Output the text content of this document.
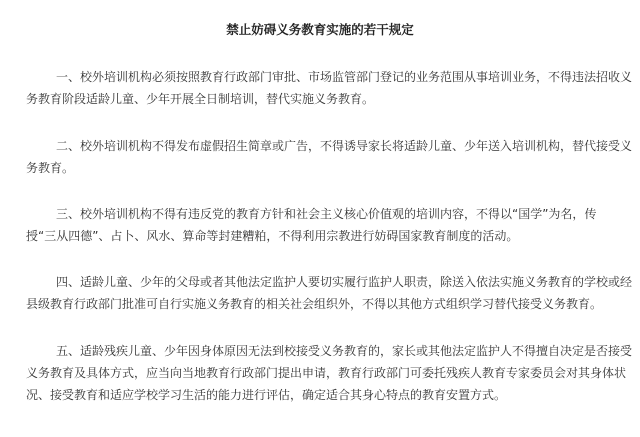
禁止妨碍义务教育实施的若干规定
一、校外培训机构必须按照教育行政部门审批、市场监管部门登记的业务范围从事培训业务，不得违法招收义
务教育阶段适龄儿童、少年开展全日制培训，替代实施义务教育。
二、校外培训机构不得发布虚假招生简章或广告，不得诱导家长将适龄儿童、少年送入培训机构，替代接受义
务教育。
三、校外培训机构不得有违反党的教育方针和社会主义核心价值观的培训内容，不得以“国学”为名，传
授“三从四德”、占卜、风水、算命等封建糟粕，不得利用宗教进行妨碍国家教育制度的活动。
四、适龄儿童、少年的父母或者其他法定监护人要切实履行监护人职责，除送入依法实施义务教育的学校或经
县级教育行政部门批准可自行实施义务教育的相关社会组织外，不得以其他方式组织学习替代接受义务教育。
五、适龄残疾儿童、少年因身体原因无法到校接受义务教育的，家长或其他法定监护人不得擅自决定是否接受
义务教育及具体方式，应当向当地教育行政部门提出申请，教育行政部门可委托残疾人教育专家委员会对其身体状
况、接受教育和适应学校学习生活的能力进行评估，确定适合其身心特点的教育安置方式。
